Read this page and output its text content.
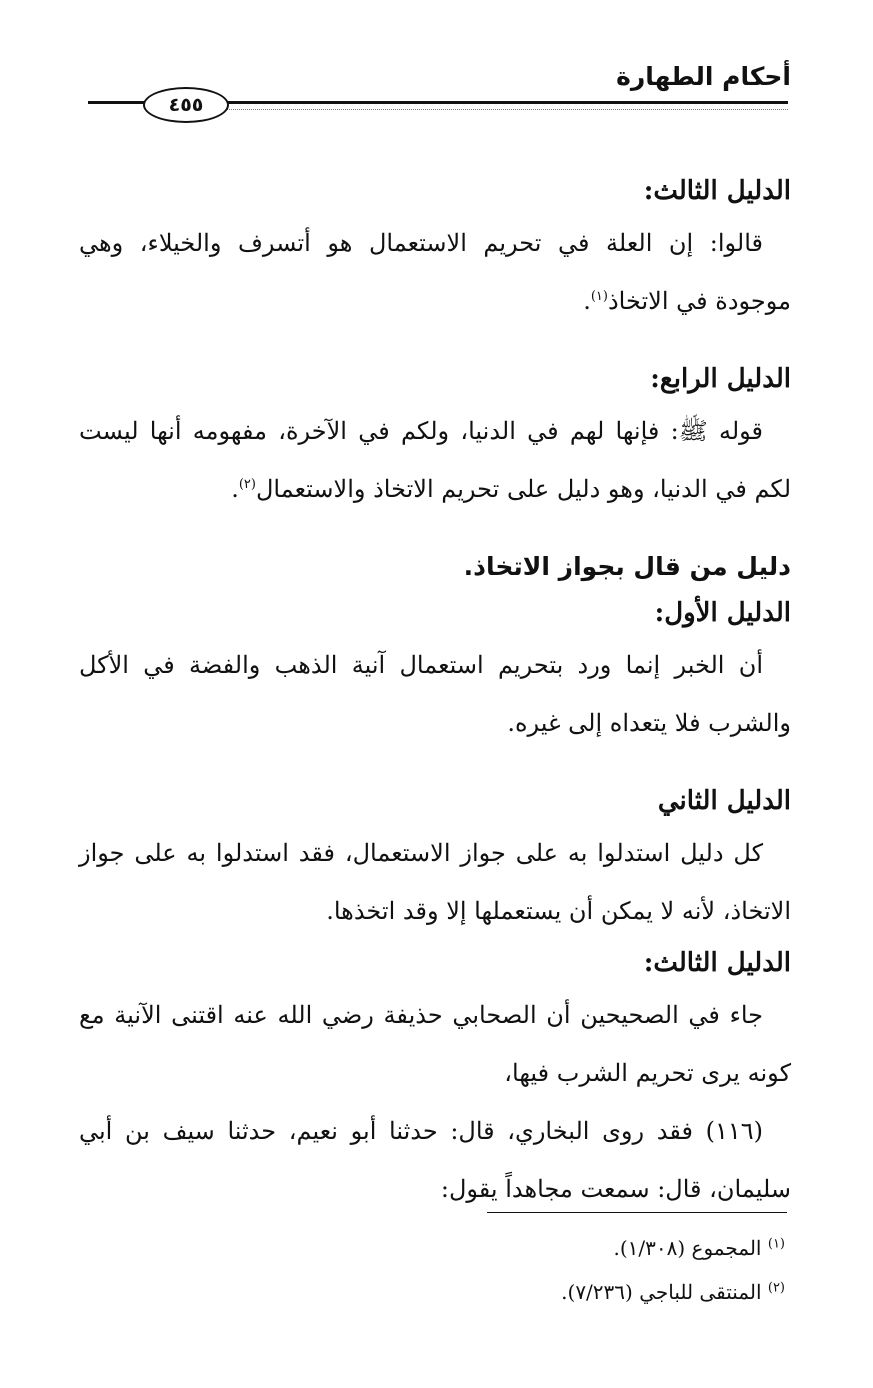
أحكام الطهارة
٤٥٥

الدليل الثالث:

قالوا: إن العلة في تحريم الاستعمال هو أتسرف والخيلاء، وهي موجودة في الاتخاذ$^{(١)}$.

الدليل الرابع:

قوله ﷺ: فإنها لهم في الدنيا، ولكم في الآخرة، مفهومه أنها ليست لكم في الدنيا، وهو دليل على تحريم الاتخاذ والاستعمال$^{(٢)}$.

دليل من قال بجواز الاتخاذ.

الدليل الأول:

أن الخبر إنما ورد بتحريم استعمال آنية الذهب والفضة في الأكل والشرب فلا يتعداه إلى غيره.

الدليل الثاني

كل دليل استدلوا به على جواز الاستعمال، فقد استدلوا به على جواز الاتخاذ، لأنه لا يمكن أن يستعملها إلا وقد اتخذها.

الدليل الثالث:

جاء في الصحيحين أن الصحابي حذيفة رضي الله عنه اقتنى الآنية مع كونه يرى تحريم الشرب فيها،

(١١٦) فقد روى البخاري، قال: حدثنا أبو نعيم، حدثنا سيف بن أبي سليمان، قال: سمعت مجاهداً يقول:

$^{(١)}$ المجموع (١/٣٠٨).

$^{(٢)}$ المنتقى للباجي (٧/٢٣٦).
